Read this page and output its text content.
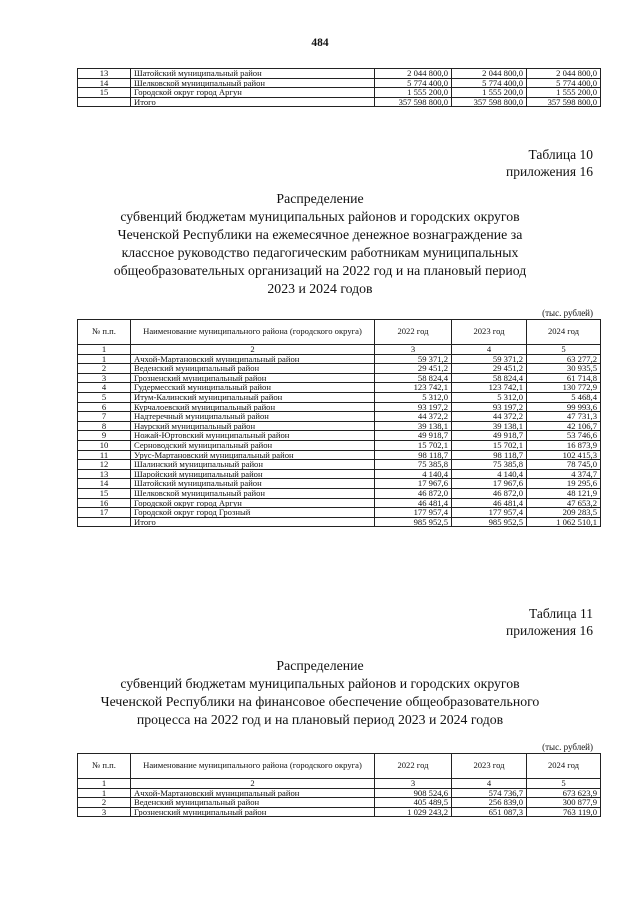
484
13	Шатойский муниципальный район	2 044 800,0	2 044 800,0	2 044 800,0
14	Шелковской муниципальный район	5 774 400,0	5 774 400,0	5 774 400,0
15	Городской округ город Аргун	1 555 200,0	1 555 200,0	1 555 200,0
	Итого	357 598 800,0	357 598 800,0	357 598 800,0
Таблица 10
приложения 16
Распределение
субвенций бюджетам муниципальных районов и городских округов
Чеченской Республики на ежемесячное денежное вознаграждение за
классное руководство педагогическим работникам муниципальных
общеобразовательных организаций на 2022 год и на плановый период
2023 и 2024 годов
(тыс. рублей)
№ п.п.	Наименование муниципального района (городского округа)	2022 год	2023 год	2024 год
1	2	3	4	5
1	Ачхой-Мартановский муниципальный район	59 371,2	59 371,2	63 277,2
2	Веденский муниципальный район	29 451,2	29 451,2	30 935,5
3	Грозненский муниципальный район	58 824,4	58 824,4	61 714,8
4	Гудермесский муниципальный район	123 742,1	123 742,1	130 772,9
5	Итум-Калинский муниципальный район	5 312,0	5 312,0	5 468,4
6	Курчалоевский муниципальный район	93 197,2	93 197,2	99 993,6
7	Надтеречный муниципальный район	44 372,2	44 372,2	47 731,3
8	Наурский муниципальный район	39 138,1	39 138,1	42 106,7
9	Ножай-Юртовский муниципальный район	49 918,7	49 918,7	53 746,6
10	Серноводский муниципальный район	15 702,1	15 702,1	16 873,9
11	Урус-Мартановский муниципальный район	98 118,7	98 118,7	102 415,3
12	Шалинский муниципальный район	75 385,8	75 385,8	78 745,0
13	Шаройский муниципальный район	4 140,4	4 140,4	4 374,7
14	Шатойский муниципальный район	17 967,6	17 967,6	19 295,6
15	Шелковской муниципальный район	46 872,0	46 872,0	48 121,9
16	Городской округ город Аргун	46 481,4	46 481,4	47 653,2
17	Городской округ город Грозный	177 957,4	177 957,4	209 283,5
	Итого	985 952,5	985 952,5	1 062 510,1
Таблица 11
приложения 16
Распределение
субвенций бюджетам муниципальных районов и городских округов
Чеченской Республики на финансовое обеспечение общеобразовательного
процесса на 2022 год и на плановый период 2023 и 2024 годов
(тыс. рублей)
№ п.п.	Наименование муниципального района (городского округа)	2022 год	2023 год	2024 год
1	2	3	4	5
1	Ачхой-Мартановский муниципальный район	908 524,6	574 736,7	673 623,9
2	Веденский муниципальный район	405 489,5	256 839,0	300 877,9
3	Грозненский муниципальный район	1 029 243,2	651 087,3	763 119,0
